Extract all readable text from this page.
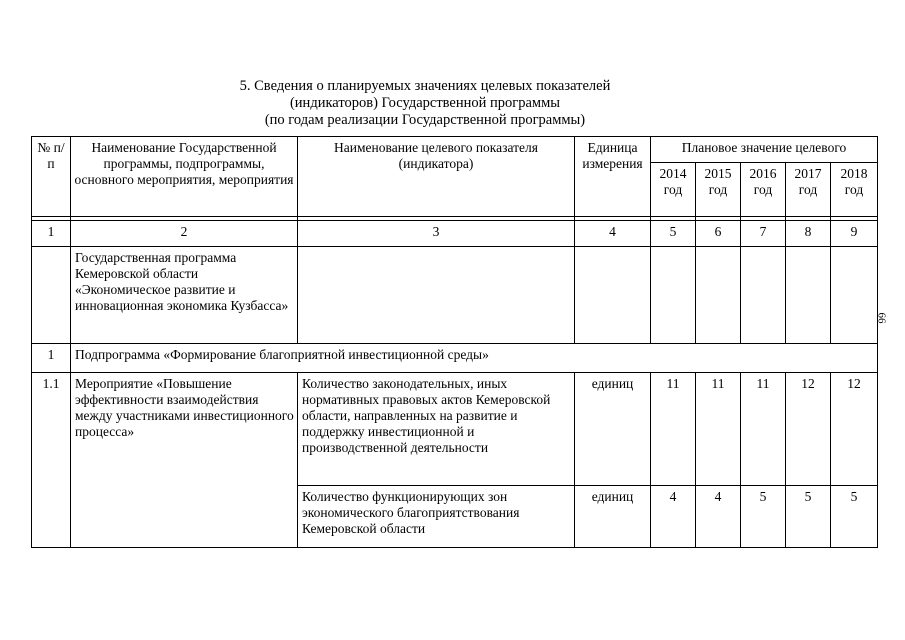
5. Сведения о планируемых значениях целевых показателей
(индикаторов) Государственной программы
(по годам реализации Государственной программы)
66
№ п/п	Наименование Государственной программы, подпрограммы, основного мероприятия, мероприятия	Наименование целевого показателя (индикатора)	Единица измерения	Плановое значение целевого				
				2014 год	2015 год	2016 год	2017 год	2018 год

1	2	3	4	5	6	7	8	9
	Государственная программа Кемеровской области «Экономическое развитие и инновационная экономика Кузбасса»							
1	Подпрограмма «Формирование благоприятной инвестиционной среды»							
1.1	Мероприятие «Повышение эффективности взаимодействия между участниками инвестиционного процесса»	Количество законодательных, иных нормативных правовых актов Кемеровской области, направленных на развитие и поддержку инвестиционной и производственной деятельности	единиц	11	11	11	12	12
		Количество функционирующих зон экономического благоприятствования Кемеровской области	единиц	4	4	5	5	5
